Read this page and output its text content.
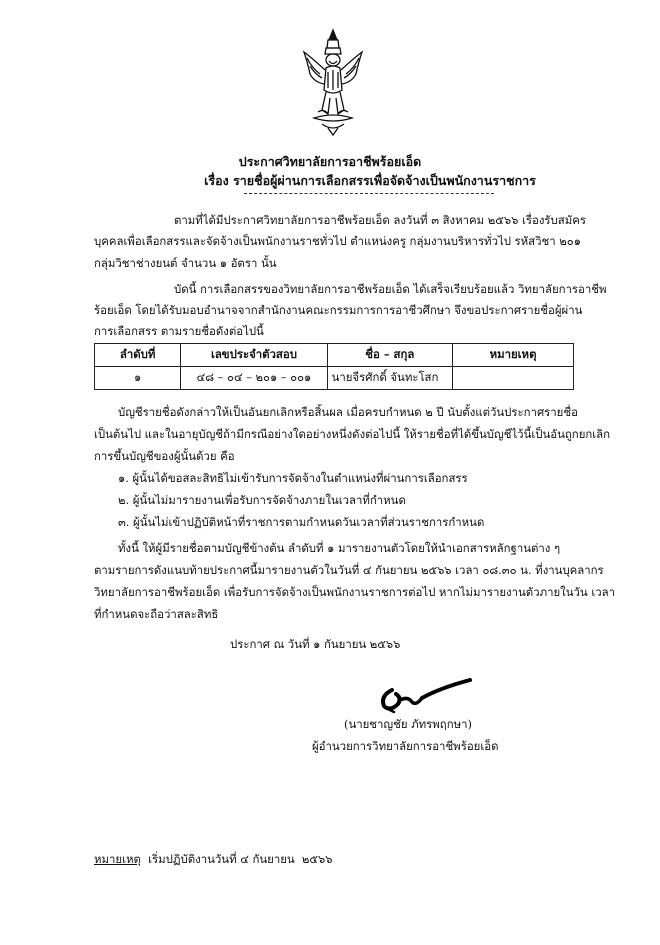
ประกาศวิทยาลัยการอาชีพร้อยเอ็ด
เรื่อง รายชื่อผู้ผ่านการเลือกสรรเพื่อจัดจ้างเป็นพนักงานราชการ
ตามที่ได้มีประกาศวิทยาลัยการอาชีพร้อยเอ็ด ลงวันที่ ๓ สิงหาคม ๒๕๖๖ เรื่องรับสมัคร
บุคคลเพื่อเลือกสรรและจัดจ้างเป็นพนักงานราชทั่วไป ตำแหน่งครู กลุ่มงานบริหารทั่วไป รหัสวิชา ๒๐๑
กลุ่มวิชาช่างยนต์ จำนวน ๑ อัตรา นั้น
บัดนี้ การเลือกสรรของวิทยาลัยการอาชีพร้อยเอ็ด ได้เสร็จเรียบร้อยแล้ว วิทยาลัยการอาชีพ
ร้อยเอ็ด โดยได้รับมอบอำนาจจากสำนักงานคณะกรรมการการอาชีวศึกษา จึงขอประกาศรายชื่อผู้ผ่าน
การเลือกสรร ตามรายชื่อดังต่อไปนี้
ลำดับที่	เลขประจำตัวสอบ	ชื่อ – สกุล	หมายเหตุ
๑	๔๘ – ๐๔ – ๒๐๑ – ๐๐๑	นายจีรศักดิ์ จันทะโสก	
บัญชีรายชื่อดังกล่าวให้เป็นอันยกเลิกหรือสิ้นผล เมื่อครบกำหนด ๒ ปี นับตั้งแต่วันประกาศรายชื่อ
เป็นต้นไป และในอายุบัญชีถ้ามีกรณีอย่างใดอย่างหนึ่งดังต่อไปนี้ ให้รายชื่อที่ได้ขึ้นบัญชีไว้นี้เป็นอันถูกยกเลิก
การขึ้นบัญชีของผู้นั้นด้วย คือ
๑. ผู้นั้นได้ขอสละสิทธิไม่เข้ารับการจัดจ้างในตำแหน่งที่ผ่านการเลือกสรร
๒. ผู้นั้นไม่มารายงานเพื่อรับการจัดจ้างภายในเวลาที่กำหนด
๓. ผู้นั้นไม่เข้าปฏิบัติหน้าที่ราชการตามกำหนดวันเวลาที่ส่วนราชการกำหนด
ทั้งนี้ ให้ผู้มีรายชื่อตามบัญชีข้างต้น ลำดับที่ ๑ มารายงานตัวโดยให้นำเอกสารหลักฐานต่าง ๆ
ตามรายการดังแนบท้ายประกาศนี้มารายงานตัวในวันที่ ๔ กันยายน ๒๕๖๖ เวลา ๐๘.๓๐ น. ที่งานบุคลากร
วิทยาลัยการอาชีพร้อยเอ็ด เพื่อรับการจัดจ้างเป็นพนักงานราชการต่อไป หากไม่มารายงานตัวภายในวัน เวลา
ที่กำหนดจะถือว่าสละสิทธิ
ประกาศ ณ วันที่ ๑ กันยายน ๒๕๖๖
(นายชาญชัย ภัทรพฤกษา)
ผู้อำนวยการวิทยาลัยการอาชีพร้อยเอ็ด
หมายเหตุ  เริ่มปฏิบัติงานวันที่ ๔ กันยายน  ๒๕๖๖
